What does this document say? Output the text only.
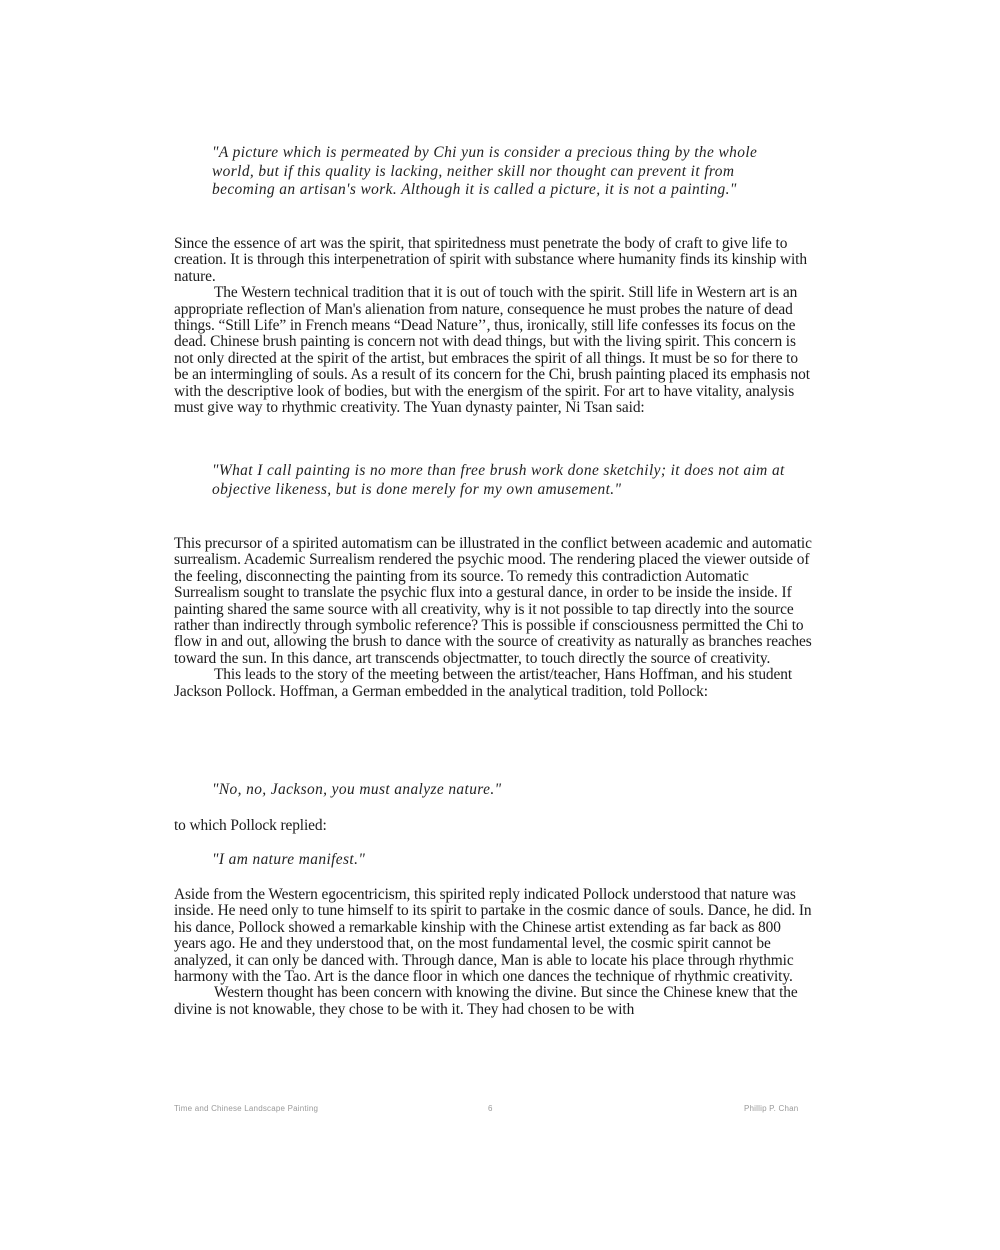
"A picture which is permeated by Chi yun is consider a precious thing by the whole world, but if this quality is lacking, neither skill nor thought can prevent it from becoming an artisan's work. Although it is called a picture, it is not a painting."

Since the essence of art was the spirit, that spiritedness must penetrate the body of craft to give life to creation. It is through this interpenetration of spirit with substance where humanity finds its kinship with nature.

The Western technical tradition that it is out of touch with the spirit. Still life in Western art is an appropriate reflection of Man's alienation from nature, consequence he must probes the nature of dead things. “Still Life” in French means “Dead Nature’’, thus, ironically, still life confesses its focus on the dead. Chinese brush painting is concern not with dead things, but with the living spirit. This concern is not only directed at the spirit of the artist, but embraces the spirit of all things. It must be so for there to be an intermingling of souls. As a result of its concern for the Chi, brush painting placed its emphasis not with the descriptive look of bodies, but with the energism of the spirit. For art to have vitality, analysis must give way to rhythmic creativity. The Yuan dynasty painter, Ni Tsan said:

"What I call painting is no more than free brush work done sketchily; it does not aim at objective likeness, but is done merely for my own amusement."

This precursor of a spirited automatism can be illustrated in the conflict between academic and automatic surrealism. Academic Surrealism rendered the psychic mood. The rendering placed the viewer outside of the feeling, disconnecting the painting from its source. To remedy this contradiction Automatic Surrealism sought to translate the psychic flux into a gestural dance, in order to be inside the inside. If painting shared the same source with all creativity, why is it not possible to tap directly into the source rather than indirectly through symbolic reference? This is possible if consciousness permitted the Chi to flow in and out, allowing the brush to dance with the source of creativity as naturally as branches reaches toward the sun. In this dance, art transcends objectmatter, to touch directly the source of creativity.

This leads to the story of the meeting between the artist/teacher, Hans Hoffman, and his student Jackson Pollock. Hoffman, a German embedded in the analytical tradition, told Pollock:

"No, no, Jackson, you must analyze nature."

to which Pollock replied:

"I am nature manifest."

Aside from the Western egocentricism, this spirited reply indicated Pollock understood that nature was inside. He need only to tune himself to its spirit to partake in the cosmic dance of souls. Dance, he did. In his dance, Pollock showed a remarkable kinship with the Chinese artist extending as far back as 800 years ago. He and they understood that, on the most fundamental level, the cosmic spirit cannot be analyzed, it can only be danced with. Through dance, Man is able to locate his place through rhythmic harmony with the Tao. Art is the dance floor in which one dances the technique of rhythmic creativity.

Western thought has been concern with knowing the divine. But since the Chinese knew that the divine is not knowable, they chose to be with it. They had chosen to be with

Time and Chinese Landscape Painting	6	Phillip P. Chan
